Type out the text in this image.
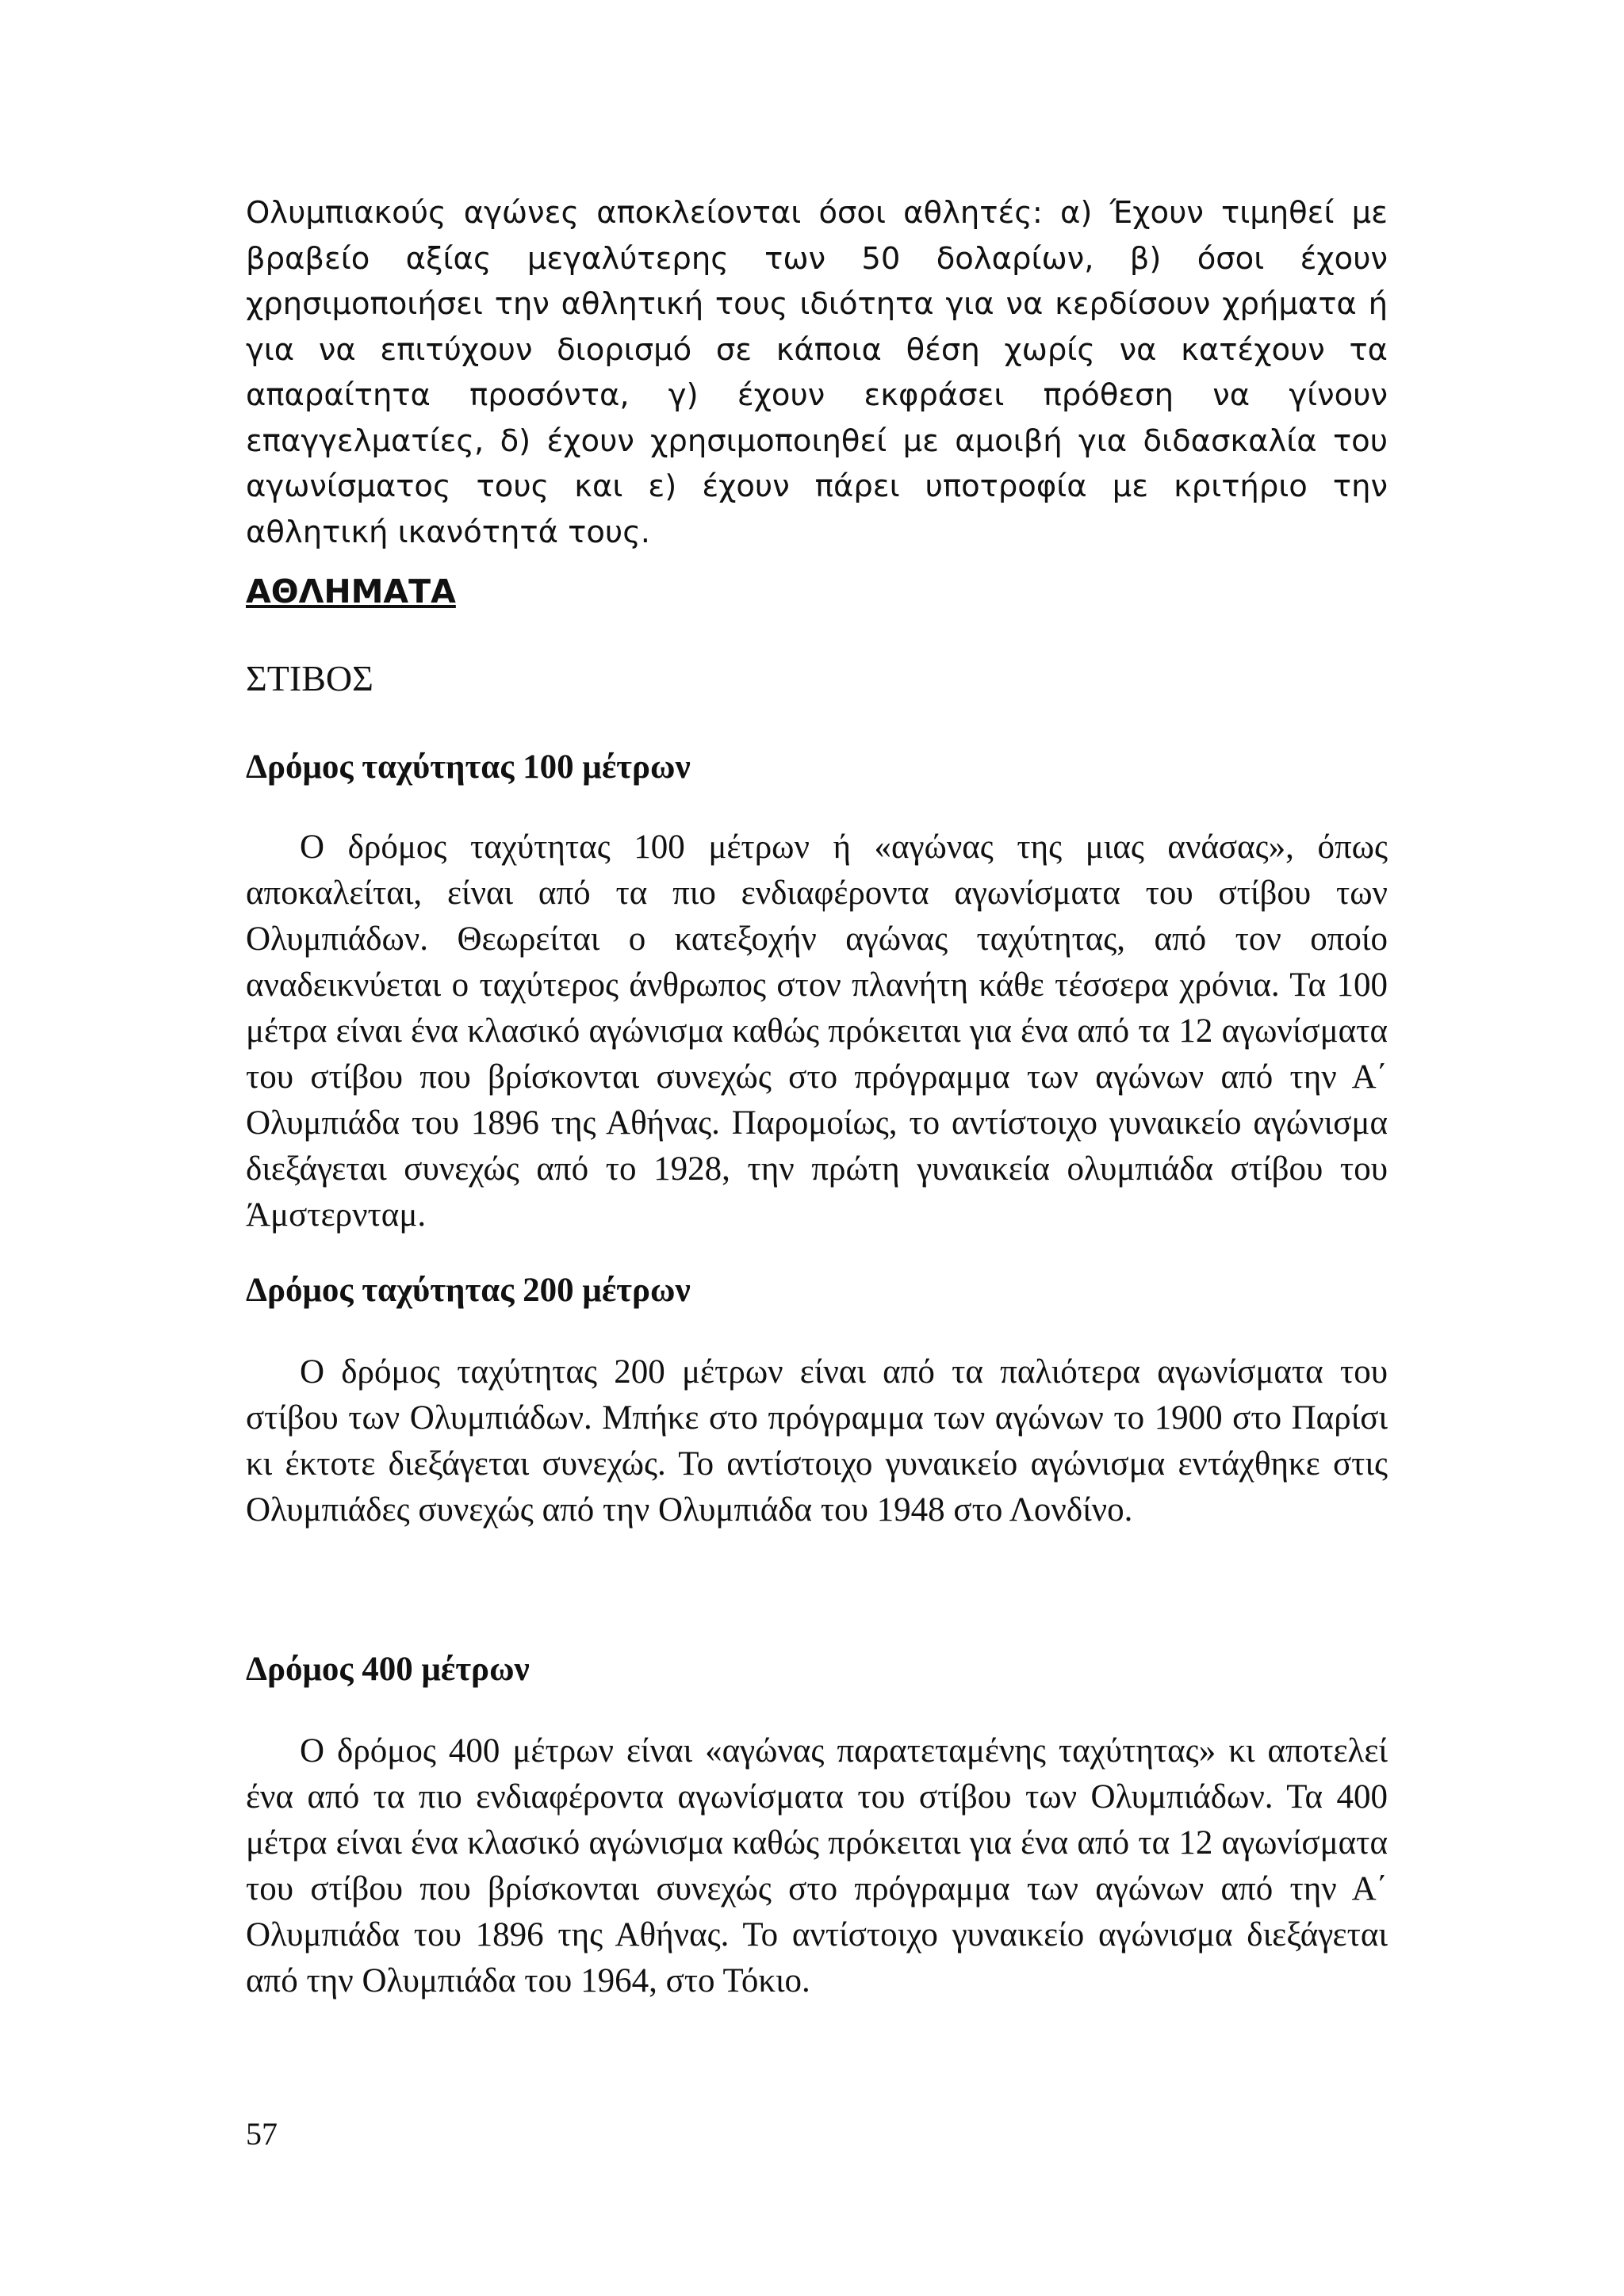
Ολυμπιακούς αγώνες αποκλείονται όσοι αθλητές: α) Έχουν τιμηθεί με βραβείο αξίας μεγαλύτερης των 50 δολαρίων, β) όσοι έχουν χρησιμοποιήσει την αθλητική τους ιδιότητα για να κερδίσουν χρήματα ή για να επιτύχουν διορισμό σε κάποια θέση χωρίς να κατέχουν τα απαραίτητα προσόντα, γ) έχουν εκφράσει πρόθεση να γίνουν επαγγελματίες, δ) έχουν χρησιμοποιηθεί με αμοιβή για διδασκαλία του αγωνίσματος τους και ε) έχουν πάρει υποτροφία με κριτήριο την αθλητική ικανότητά τους.

ΑΘΛΗΜΑΤΑ
ΣΤΙΒΟΣ
Δρόμος ταχύτητας 100 μέτρων

Ο δρόμος ταχύτητας 100 μέτρων ή «αγώνας της μιας ανάσας», όπως αποκαλείται, είναι από τα πιο ενδιαφέροντα αγωνίσματα του στίβου των Ολυμπιάδων. Θεωρείται ο κατεξοχήν αγώνας ταχύτητας, από τον οποίο αναδεικνύεται ο ταχύτερος άνθρωπος στον πλανήτη κάθε τέσσερα χρόνια. Τα 100 μέτρα είναι ένα κλασικό αγώνισμα καθώς πρόκειται για ένα από τα 12 αγωνίσματα του στίβου που βρίσκονται συνεχώς στο πρόγραμμα των αγώνων από την Α΄ Ολυμπιάδα του 1896 της Αθήνας. Παρομοίως, το αντίστοιχο γυναικείο αγώνισμα διεξάγεται συνεχώς από το 1928, την πρώτη γυναικεία ολυμπιάδα στίβου του Άμστερνταμ.

Δρόμος ταχύτητας 200 μέτρων

Ο δρόμος ταχύτητας 200 μέτρων είναι από τα παλιότερα αγωνίσματα του στίβου των Ολυμπιάδων. Μπήκε στο πρόγραμμα των αγώνων το 1900 στο Παρίσι κι έκτοτε διεξάγεται συνεχώς. Το αντίστοιχο γυναικείο αγώνισμα εντάχθηκε στις Ολυμπιάδες συνεχώς από την Ολυμπιάδα του 1948 στο Λονδίνο.

Δρόμος 400 μέτρων

Ο δρόμος 400 μέτρων είναι «αγώνας παρατεταμένης ταχύτητας» κι αποτελεί ένα από τα πιο ενδιαφέροντα αγωνίσματα του στίβου των Ολυμπιάδων. Τα 400 μέτρα είναι ένα κλασικό αγώνισμα καθώς πρόκειται για ένα από τα 12 αγωνίσματα του στίβου που βρίσκονται συνεχώς στο πρόγραμμα των αγώνων από την Α΄ Ολυμπιάδα του 1896 της Αθήνας. Το αντίστοιχο γυναικείο αγώνισμα διεξάγεται από την Ολυμπιάδα του 1964, στο Τόκιο.

57
